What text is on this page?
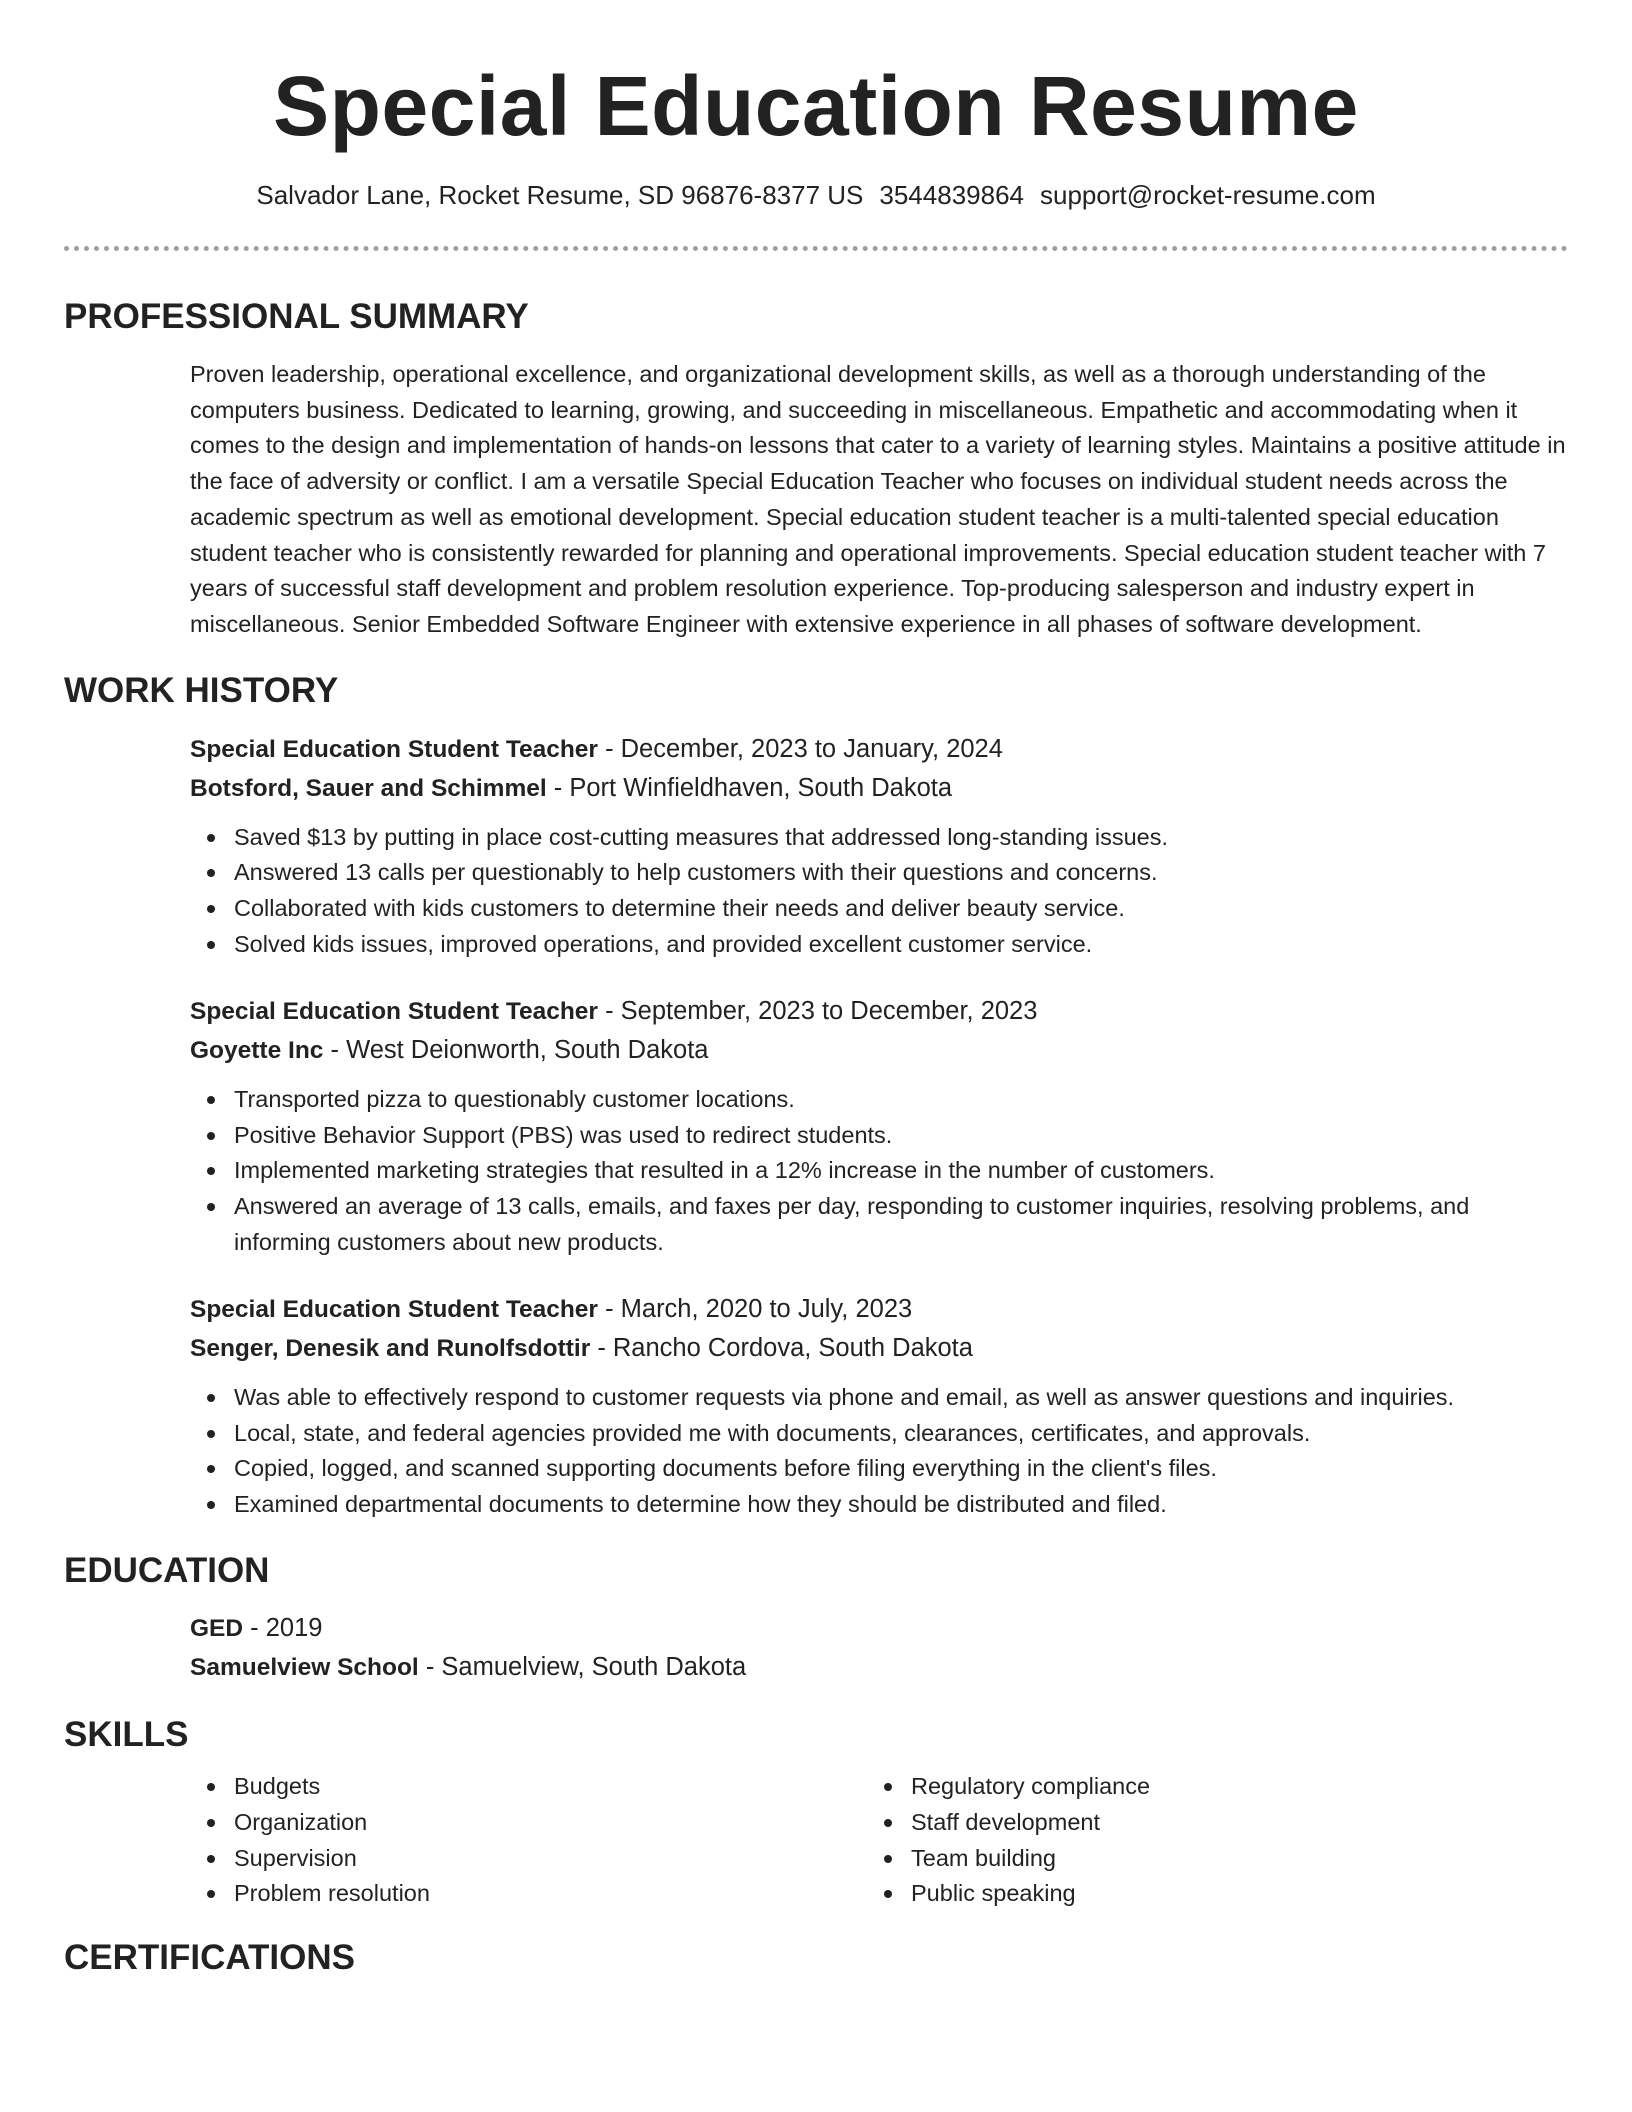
Special Education Resume
Salvador Lane, Rocket Resume, SD 96876-8377 US 3544839864 support@rocket-resume.com
PROFESSIONAL SUMMARY
Proven leadership, operational excellence, and organizational development skills, as well as a thorough understanding of the computers business. Dedicated to learning, growing, and succeeding in miscellaneous. Empathetic and accommodating when it comes to the design and implementation of hands-on lessons that cater to a variety of learning styles. Maintains a positive attitude in the face of adversity or conflict. I am a versatile Special Education Teacher who focuses on individual student needs across the academic spectrum as well as emotional development. Special education student teacher is a multi-talented special education student teacher who is consistently rewarded for planning and operational improvements. Special education student teacher with 7 years of successful staff development and problem resolution experience. Top-producing salesperson and industry expert in miscellaneous. Senior Embedded Software Engineer with extensive experience in all phases of software development.
WORK HISTORY
Special Education Student Teacher - December, 2023 to January, 2024
Botsford, Sauer and Schimmel - Port Winfieldhaven, South Dakota
Saved $13 by putting in place cost-cutting measures that addressed long-standing issues.
Answered 13 calls per questionably to help customers with their questions and concerns.
Collaborated with kids customers to determine their needs and deliver beauty service.
Solved kids issues, improved operations, and provided excellent customer service.
Special Education Student Teacher - September, 2023 to December, 2023
Goyette Inc - West Deionworth, South Dakota
Transported pizza to questionably customer locations.
Positive Behavior Support (PBS) was used to redirect students.
Implemented marketing strategies that resulted in a 12% increase in the number of customers.
Answered an average of 13 calls, emails, and faxes per day, responding to customer inquiries, resolving problems, and informing customers about new products.
Special Education Student Teacher - March, 2020 to July, 2023
Senger, Denesik and Runolfsdottir - Rancho Cordova, South Dakota
Was able to effectively respond to customer requests via phone and email, as well as answer questions and inquiries.
Local, state, and federal agencies provided me with documents, clearances, certificates, and approvals.
Copied, logged, and scanned supporting documents before filing everything in the client's files.
Examined departmental documents to determine how they should be distributed and filed.
EDUCATION
GED - 2019
Samuelview School - Samuelview, South Dakota
SKILLS
Budgets
Organization
Supervision
Problem resolution
Regulatory compliance
Staff development
Team building
Public speaking
CERTIFICATIONS
